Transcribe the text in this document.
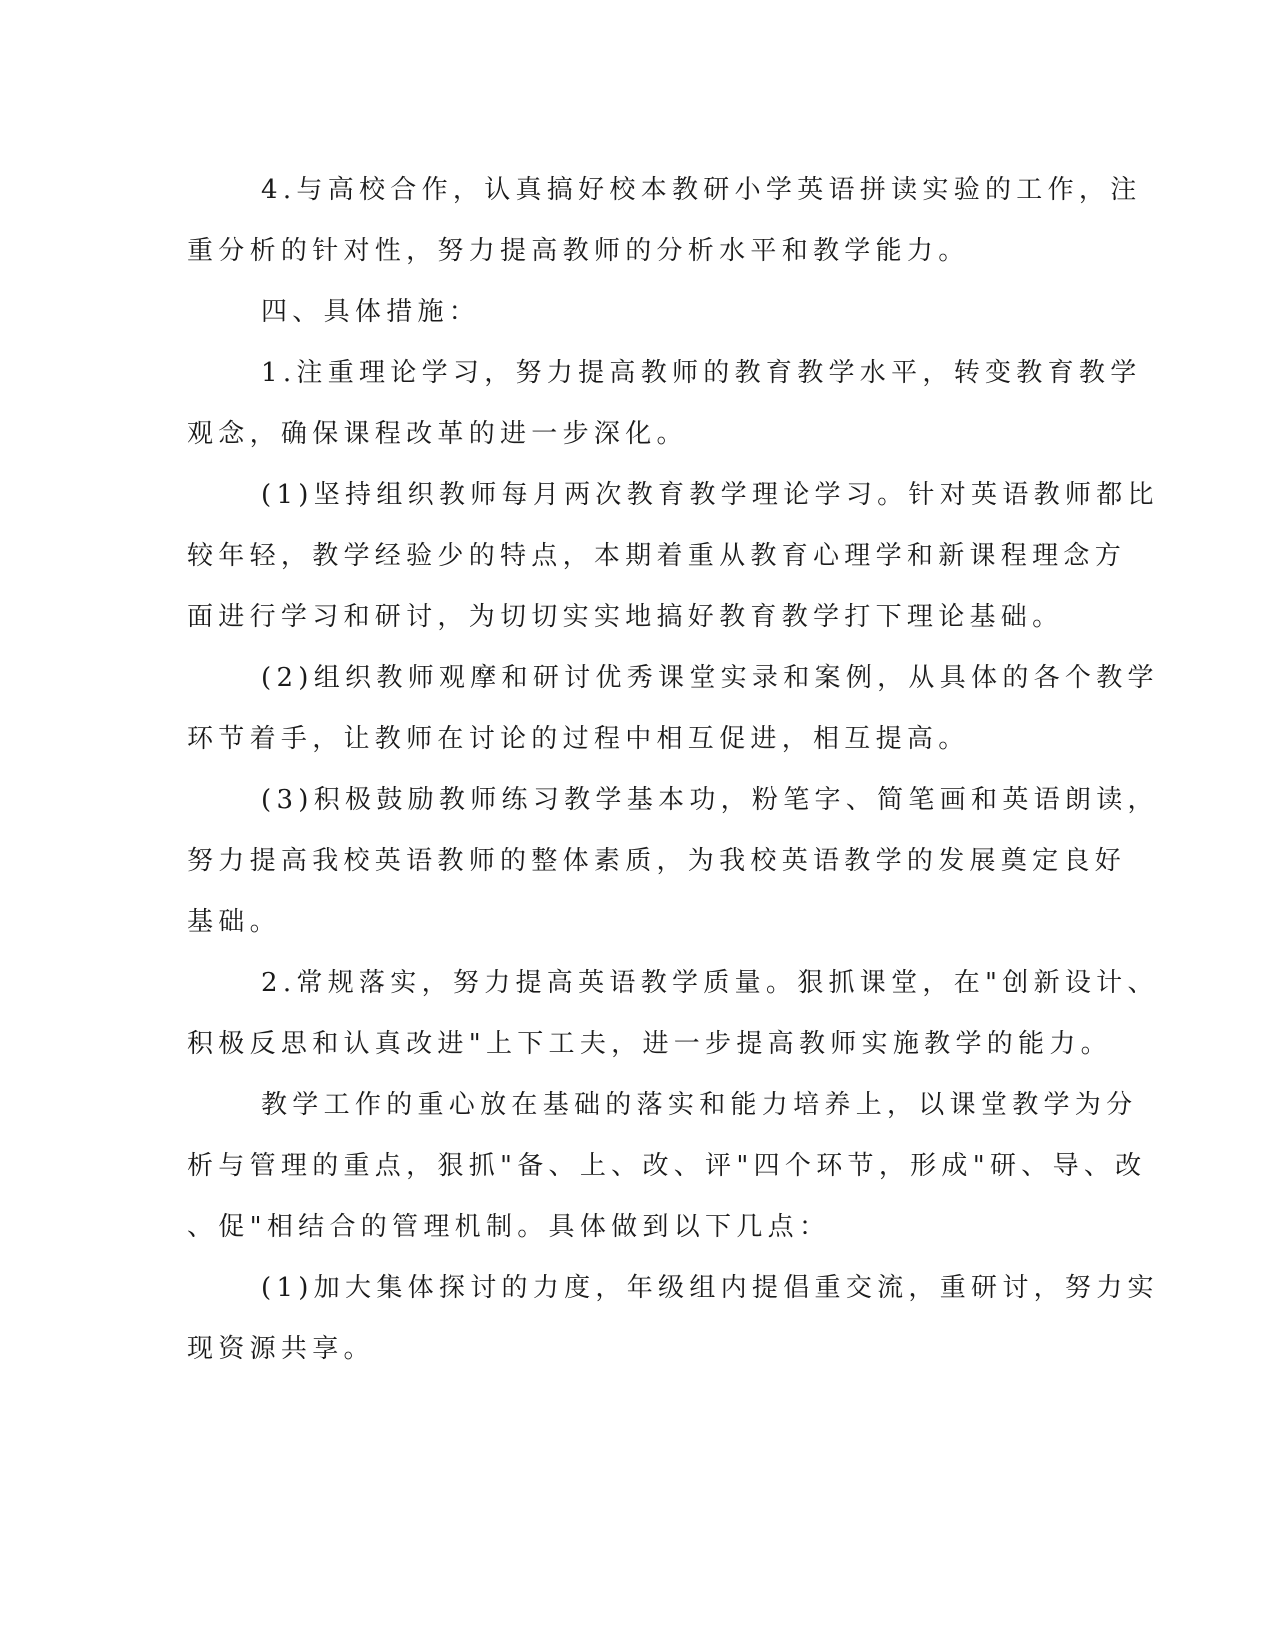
4.与高校合作，认真搞好校本教研小学英语拼读实验的工作，注
重分析的针对性，努力提高教师的分析水平和教学能力。

四、具体措施：

1.注重理论学习，努力提高教师的教育教学水平，转变教育教学
观念，确保课程改革的进一步深化。

(1)坚持组织教师每月两次教育教学理论学习。针对英语教师都比
较年轻，教学经验少的特点，本期着重从教育心理学和新课程理念方
面进行学习和研讨，为切切实实地搞好教育教学打下理论基础。

(2)组织教师观摩和研讨优秀课堂实录和案例，从具体的各个教学
环节着手，让教师在讨论的过程中相互促进，相互提高。

(3)积极鼓励教师练习教学基本功，粉笔字、简笔画和英语朗读，
努力提高我校英语教师的整体素质，为我校英语教学的发展奠定良好
基础。

2.常规落实，努力提高英语教学质量。狠抓课堂，在"创新设计、
积极反思和认真改进"上下工夫，进一步提高教师实施教学的能力。

教学工作的重心放在基础的落实和能力培养上，以课堂教学为分
析与管理的重点，狠抓"备、上、改、评"四个环节，形成"研、导、改
、促"相结合的管理机制。具体做到以下几点：

(1)加大集体探讨的力度，年级组内提倡重交流，重研讨，努力实
现资源共享。
